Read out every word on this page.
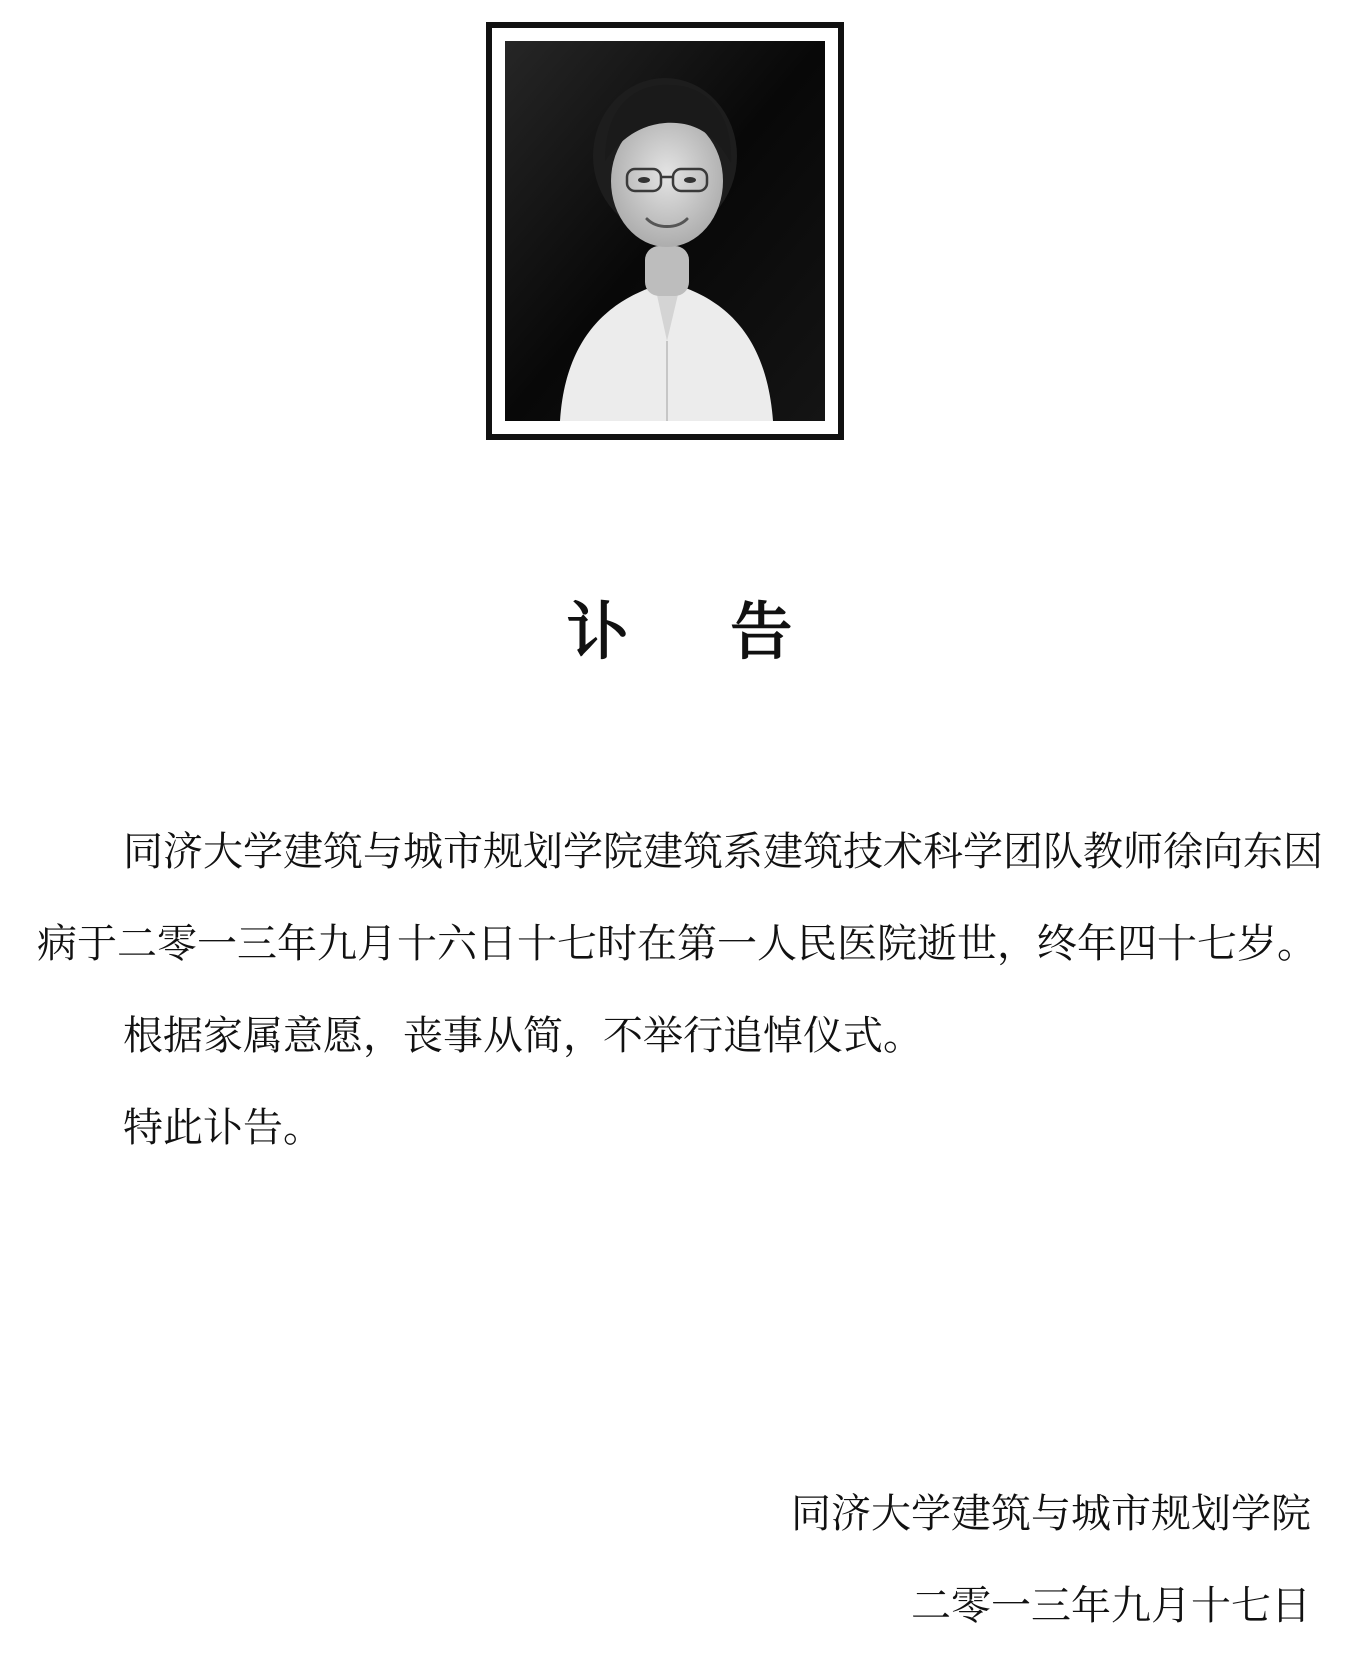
讣 告

同济大学建筑与城市规划学院建筑系建筑技术科学团队教师徐向东因病于二零一三年九月十六日十七时在第一人民医院逝世，终年四十七岁。

根据家属意愿，丧事从简，不举行追悼仪式。

特此讣告。

同济大学建筑与城市规划学院
二零一三年九月十七日
